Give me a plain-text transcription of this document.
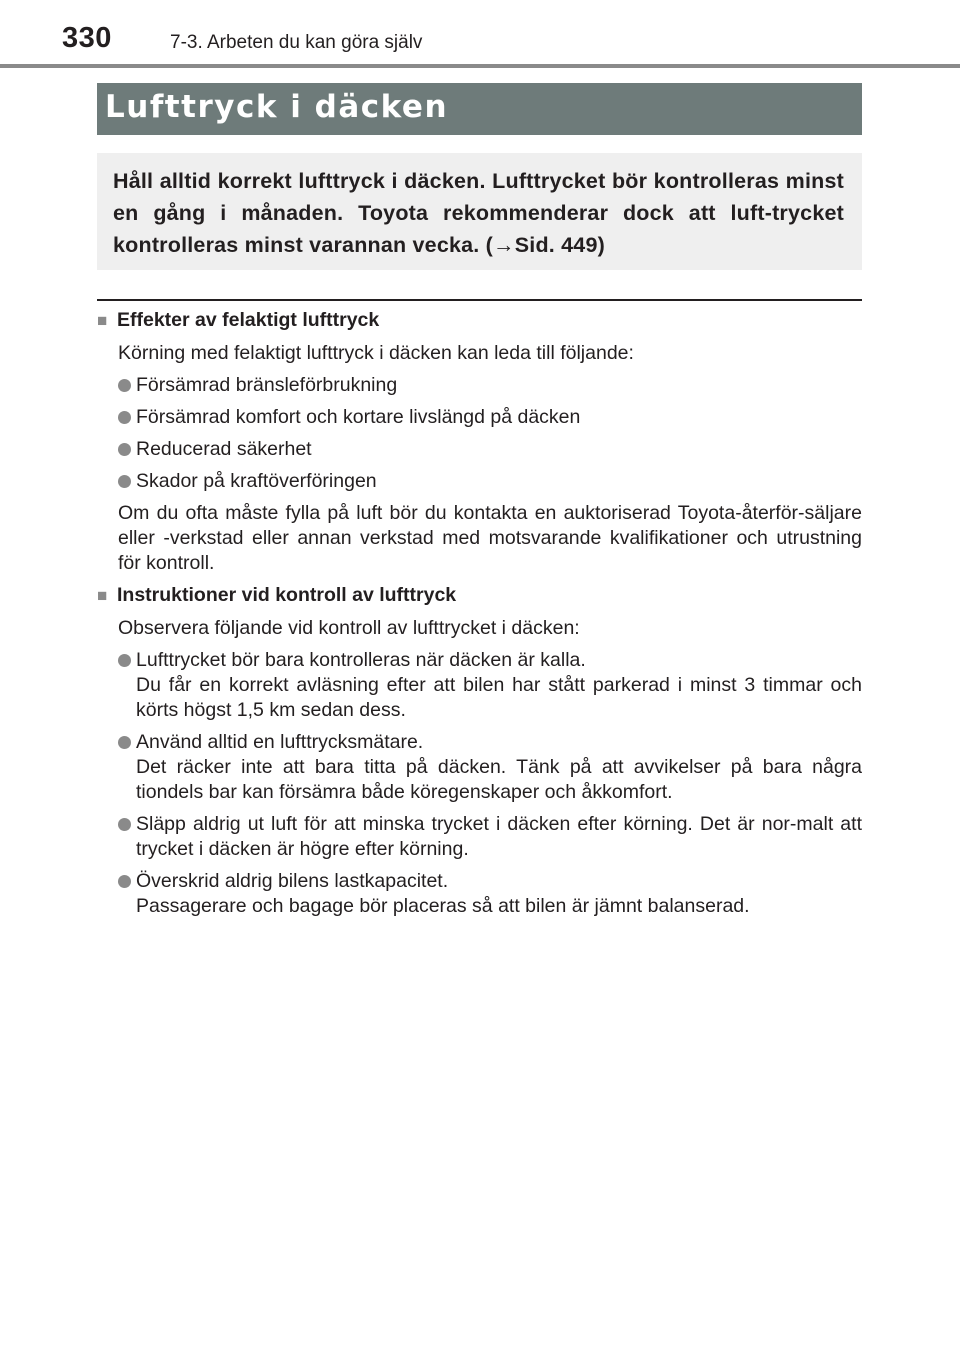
330	7-3. Arbeten du kan göra själv
Lufttryck i däcken
Håll alltid korrekt lufttryck i däcken. Lufttrycket bör kontrolleras minst en gång i månaden. Toyota rekommenderar dock att luft-trycket kontrolleras minst varannan vecka. (→Sid. 449)
■ Effekter av felaktigt lufttryck
Körning med felaktigt lufttryck i däcken kan leda till följande:
Försämrad bränsleförbrukning
Försämrad komfort och kortare livslängd på däcken
Reducerad säkerhet
Skador på kraftöverföringen
Om du ofta måste fylla på luft bör du kontakta en auktoriserad Toyota-återför-säljare eller -verkstad eller annan verkstad med motsvarande kvalifikationer och utrustning för kontroll.
■ Instruktioner vid kontroll av lufttryck
Observera följande vid kontroll av lufttrycket i däcken:
Lufttrycket bör bara kontrolleras när däcken är kalla.
Du får en korrekt avläsning efter att bilen har stått parkerad i minst 3 timmar och körts högst 1,5 km sedan dess.
Använd alltid en lufttrycksmätare.
Det räcker inte att bara titta på däcken. Tänk på att avvikelser på bara några tiondels bar kan försämra både köregenskaper och åkkomfort.
Släpp aldrig ut luft för att minska trycket i däcken efter körning. Det är nor-malt att trycket i däcken är högre efter körning.
Överskrid aldrig bilens lastkapacitet.
Passagerare och bagage bör placeras så att bilen är jämnt balanserad.
